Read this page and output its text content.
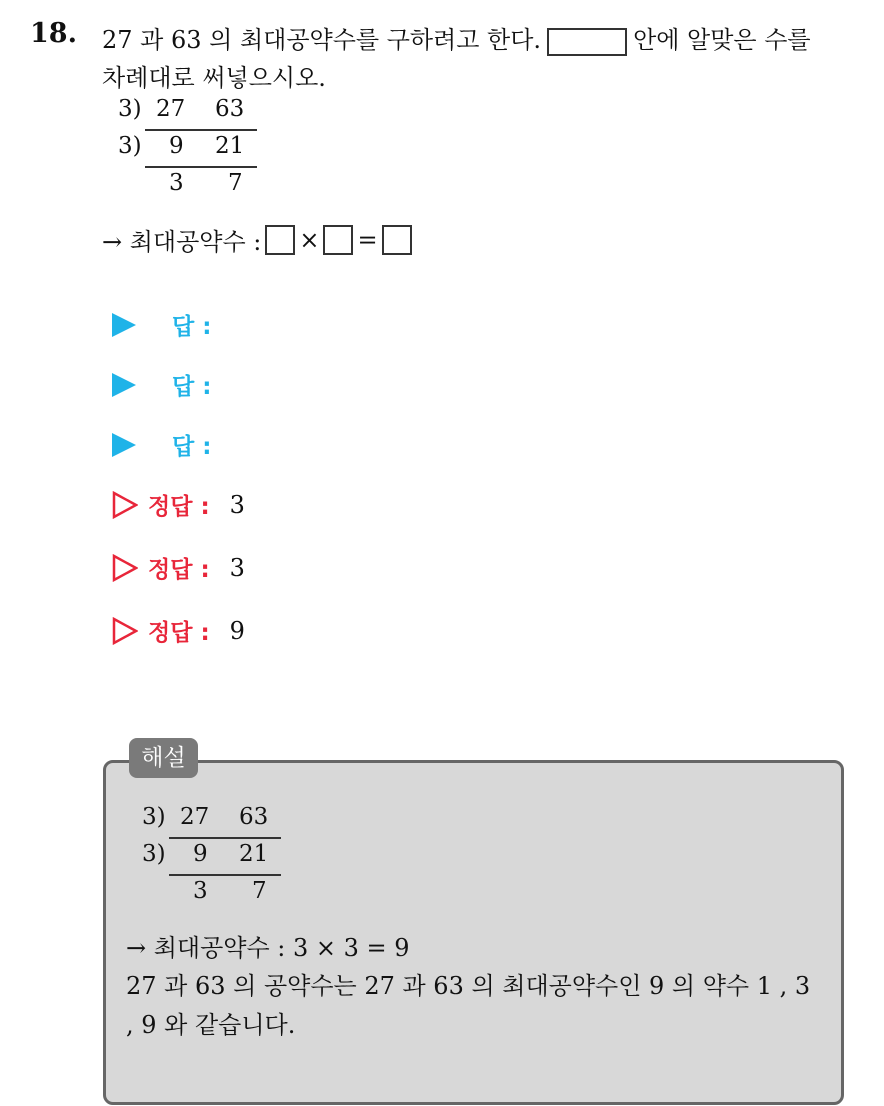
18. 27 과 63 의 최대공약수를 구하려고 한다.	안에 알맞은 수를
차례대로 써넣으시오.
3) 27 63
3) 9 21
3 7
→ 최대공약수 : × =
답 :
답 :
답 :
정답 : 3
정답 : 3
정답 : 9
해설
3) 27 63
3) 9 21
3 7
→ 최대공약수 : 3 × 3 = 9
27 과 63 의 공약수는 27 과 63 의 최대공약수인 9 의 약수 1 , 3
, 9 와 같습니다.
